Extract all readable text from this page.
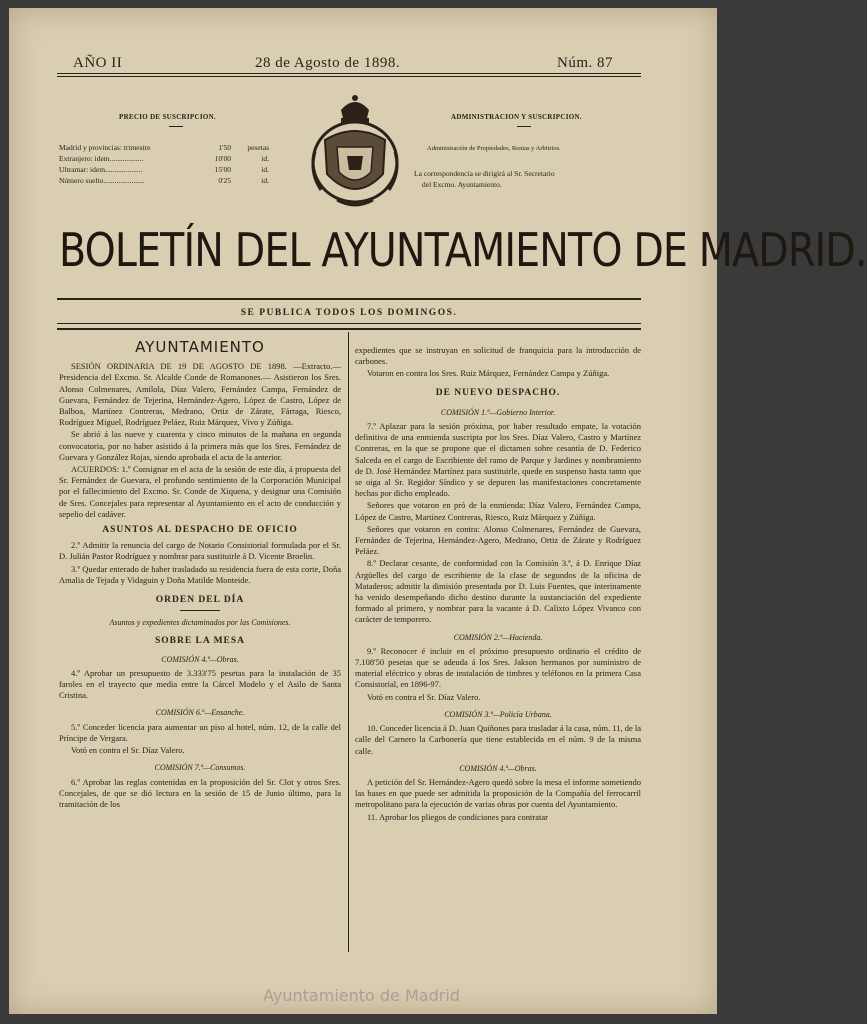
AÑO II	28 de Agosto de 1898.	Núm. 87
PRECIO DE SUSCRIPCION.
Madrid y provincias: trimestre	1'50	pesetas
Extranjero: idem..................	10'00	id.
Ultramar: idem....................	15'00	id.
Número suelto......................	0'25	id.
ADMINISTRACION Y SUSCRIPCION.
Administración de Propiedades, Rentas y Arbitrios.
La correspondencia se dirigirá al Sr. Secretario
del Excmo. Ayuntamiento.
BOLETÍN DEL AYUNTAMIENTO DE MADRID.
SE PUBLICA TODOS LOS DOMINGOS.
AYUNTAMIENTO

SESIÓN ORDINARIA DE 19 DE AGOSTO DE 1898. —Extracto.—Presidencia del Excmo. Sr. Alcalde Conde de Romanones.— Asistieron los Sres. Alonso Colmenares, Amilola, Díaz Valero, Fernández Campa, Fernández de Guevara, Fernández de Tejerina, Hernández-Agero, López de Castro, López de Balboa, Martínez Contreras, Medrano, Ortiz de Zárate, Fárraga, Riesco, Rodríguez Miguel, Rodríguez Peláez, Ruiz Márquez, Vivo y Zúñiga.

Se abrió á las nueve y cuarenta y cinco minutos de la mañana en segunda convocatoria, por no haber asistido á la primera más que los Sres. Fernández de Guevara y González Rojas, siendo aprobada el acta de la anterior.

ACUERDOS: 1.º Consignar en el acta de la sesión de este día, á propuesta del Sr. Fernández de Guevara, el profundo sentimiento de la Corporación Municipal por el fallecimiento del Excmo. Sr. Conde de Xiquena, y designar una Comisión de Sres. Concejales para representar al Ayuntamiento en el acto de conducción y sepelio del cadáver.

ASUNTOS AL DESPACHO DE OFICIO

2.º Admitir la renuncia del cargo de Notario Consistorial formulada por el Sr. D. Julián Pastor Rodríguez y nombrar para sustituirle á D. Vicente Broelin.

3.º Quedar enterado de haber trasladado su residencia fuera de esta corte, Doña Amalia de Tejada y Vidaguin y Doña Matilde Monteide.

ORDEN DEL DÍA
Asuntos y expedientes dictaminados por las Comisiones.
SOBRE LA MESA
COMISIÓN 4.ª—Obras.

4.º Aprobar un presupuesto de 3.333'75 pesetas para la instalación de 35 faroles en el trayecto que media entre la Cárcel Modelo y el Asilo de Santa Cristina.

COMISIÓN 6.ª—Ensanche.

5.º Conceder licencia para aumentar un piso al hotel, núm. 12, de la calle del Príncipe de Vergara.

Votó en contra el Sr. Díaz Valero.

COMISIÓN 7.ª—Consumos.

6.º Aprobar las reglas contenidas en la proposición del Sr. Clot y otros Sres. Concejales, de que se dió lectura en la sesión de 15 de Junio último, para la tramitación de los

expedientes que se instruyan en solicitud de franquicia para la introducción de carbones.

Votaron en contra los Sres. Ruiz Márquez, Fernández Campa y Zúñiga.

DE NUEVO DESPACHO.
COMISIÓN 1.ª—Gobierno Interior.

7.º Aplazar para la sesión próxima, por haber resultado empate, la votación definitiva de una enmienda suscripta por los Sres. Díaz Valero, Castro y Martínez Contreras, en la que se propone que el dictamen sobre cesantía de D. Federico Salceda en el cargo de Escribiente del ramo de Parque y Jardines y nombramiento de D. José Hernández Martínez para sustituirle, quede en suspenso hasta tanto que se oiga al Sr. Regidor Síndico y se depuren las manifestaciones concretamente hechas por dicho empleado.

Señores que votaron en pró de la enmienda: Díaz Valero, Fernández Campa, López de Castro, Martínez Contreras, Riesco, Ruiz Márquez y Zúñiga.

Señores que votaron en contra: Alonso Colmenares, Fernández de Guevara, Fernández de Tejerina, Hernández-Agero, Medrano, Ortiz de Zárate y Rodríguez Peláez.

8.º Declarar cesante, de conformidad con la Comisión 3.ª, á D. Enrique Díaz Argüelles del cargo de escribiente de la clase de segundos de la oficina de Mataderos; admitir la dimisión presentada por D. Luis Fuentes, que interinamente ha venido desempeñando dicho destino durante la sustanciación del expediente formado al primero, y nombrar para la vacante á D. Calixto López Vivanco con carácter de temporero.

COMISIÓN 2.ª—Hacienda.

9.º Reconocer é incluir en el próximo presupuesto ordinario el crédito de 7.108'50 pesetas que se adeuda á los Sres. Jakson hermanos por suministro de material eléctrico y obras de instalación de timbres y teléfonos en la primera Casa Consistorial, en 1896-97.

Votó en contra el Sr. Díaz Valero.

COMISIÓN 3.ª—Policía Urbana.

10. Conceder licencia á D. Juan Quiñones para trasladar á la casa, núm. 11, de la calle del Carnero la Carbonería que tiene establecida en el núm. 9 de la misma calle.

COMISIÓN 4.ª—Obras.

A petición del Sr. Hernández-Agero quedó sobre la mesa el informe sometiendo las bases en que puede ser admitida la proposición de la Compañía del ferrocarril metropolitano para la ejecución de varias obras por cuenta del Ayuntamiento.

11. Aprobar los pliegos de condiciones para contratar

Ayuntamiento de Madrid
